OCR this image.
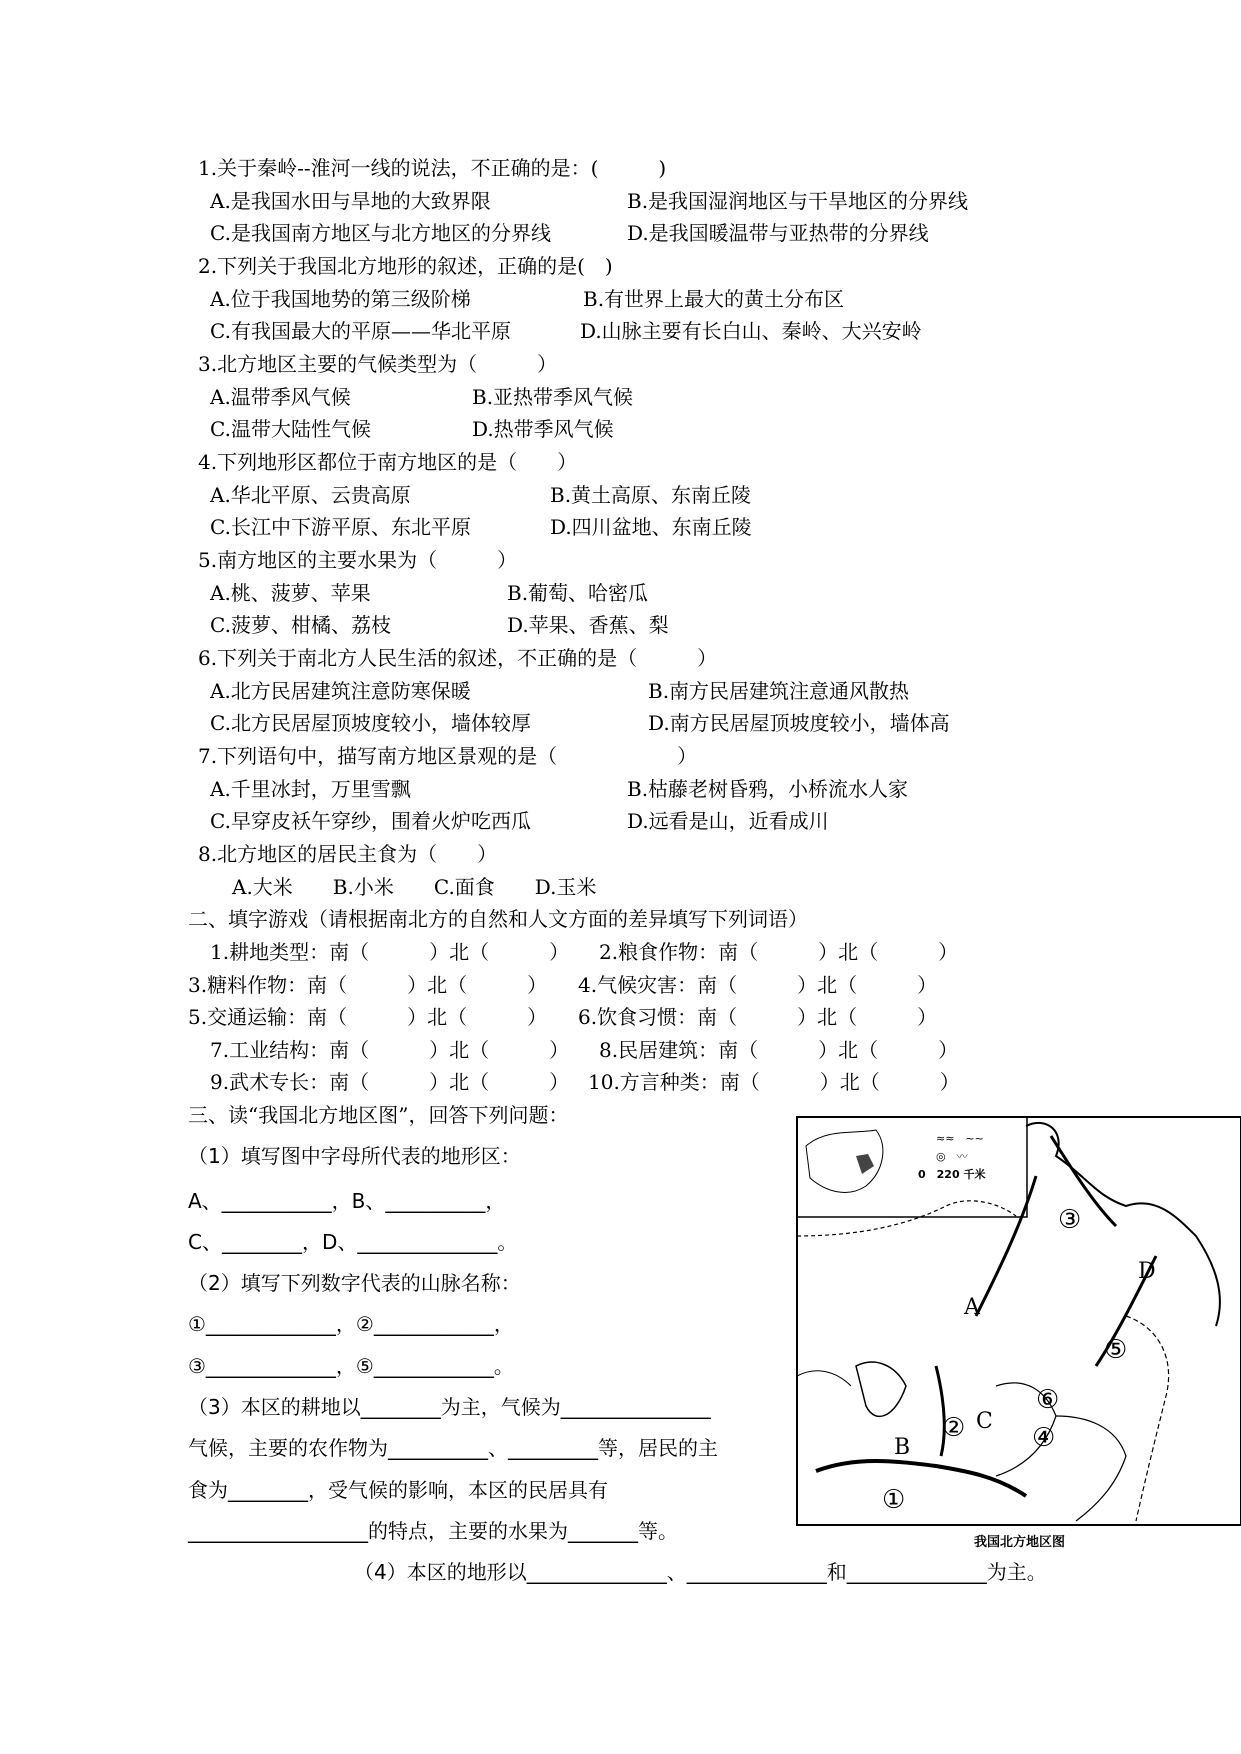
1.关于秦岭--淮河一线的说法，不正确的是：(　　　)
A.是我国水田与旱地的大致界限	B.是我国湿润地区与干旱地区的分界线
C.是我国南方地区与北方地区的分界线	D.是我国暖温带与亚热带的分界线
2.下列关于我国北方地形的叙述，正确的是(　)
A.位于我国地势的第三级阶梯	B.有世界上最大的黄土分布区
C.有我国最大的平原——华北平原	D.山脉主要有长白山、秦岭、大兴安岭
3.北方地区主要的气候类型为（　　　）
A.温带季风气候	B.亚热带季风气候
C.温带大陆性气候	D.热带季风气候
4.下列地形区都位于南方地区的是（　　）
A.华北平原、云贵高原	B.黄土高原、东南丘陵
C.长江中下游平原、东北平原	D.四川盆地、东南丘陵
5.南方地区的主要水果为（　　　）
A.桃、菠萝、苹果	B.葡萄、哈密瓜
C.菠萝、柑橘、荔枝	D.苹果、香蕉、梨
6.下列关于南北方人民生活的叙述，不正确的是（　　　）
A.北方民居建筑注意防寒保暖	B.南方民居建筑注意通风散热
C.北方民居屋顶坡度较小，墙体较厚	D.南方民居屋顶坡度较小，墙体高
7.下列语句中，描写南方地区景观的是（　　　　　　）
A.千里冰封，万里雪飘	B.枯藤老树昏鸦，小桥流水人家
C.早穿皮袄午穿纱，围着火炉吃西瓜	D.远看是山，近看成川
8.北方地区的居民主食为（　　）
A.大米　　B.小米　　C.面食　　D.玉米
二、填字游戏（请根据南北方的自然和人文方面的差异填写下列词语）
1.耕地类型：南（　　　）北（　　　） 2.粮食作物：南（　　　）北（　　　）
3.糖料作物：南（　　　）北（　　　） 4.气候灾害：南（　　　）北（　　　）
5.交通运输：南（　　　）北（　　　） 6.饮食习惯：南（　　　）北（　　　）
7.工业结构：南（　　　）北（　　　） 8.民居建筑：南（　　　）北（　　　）
9.武术专长：南（　　　）北（　　　） 10.方言种类：南（　　　）北（　　　）
三、读“我国北方地区图”，回答下列问题：
（1）填写图中字母所代表的地形区：
A、___________，B、__________，
C、________，D、______________。
（2）填写下列数字代表的山脉名称：
①_____________，②____________，
③_____________，⑤____________。
（3）本区的耕地以________为主，气候为_______________
气候，主要的农作物为__________、_________等，居民的主
食为________，受气候的影响，本区的民居具有
__________________的特点，主要的水果为_______等。
（4）本区的地形以______________、______________和______________为主。
≈≈　~~
◎　〰
0　220 千米
A
B
C
D
①
②
③
④
⑤
⑥
我国北方地区图
